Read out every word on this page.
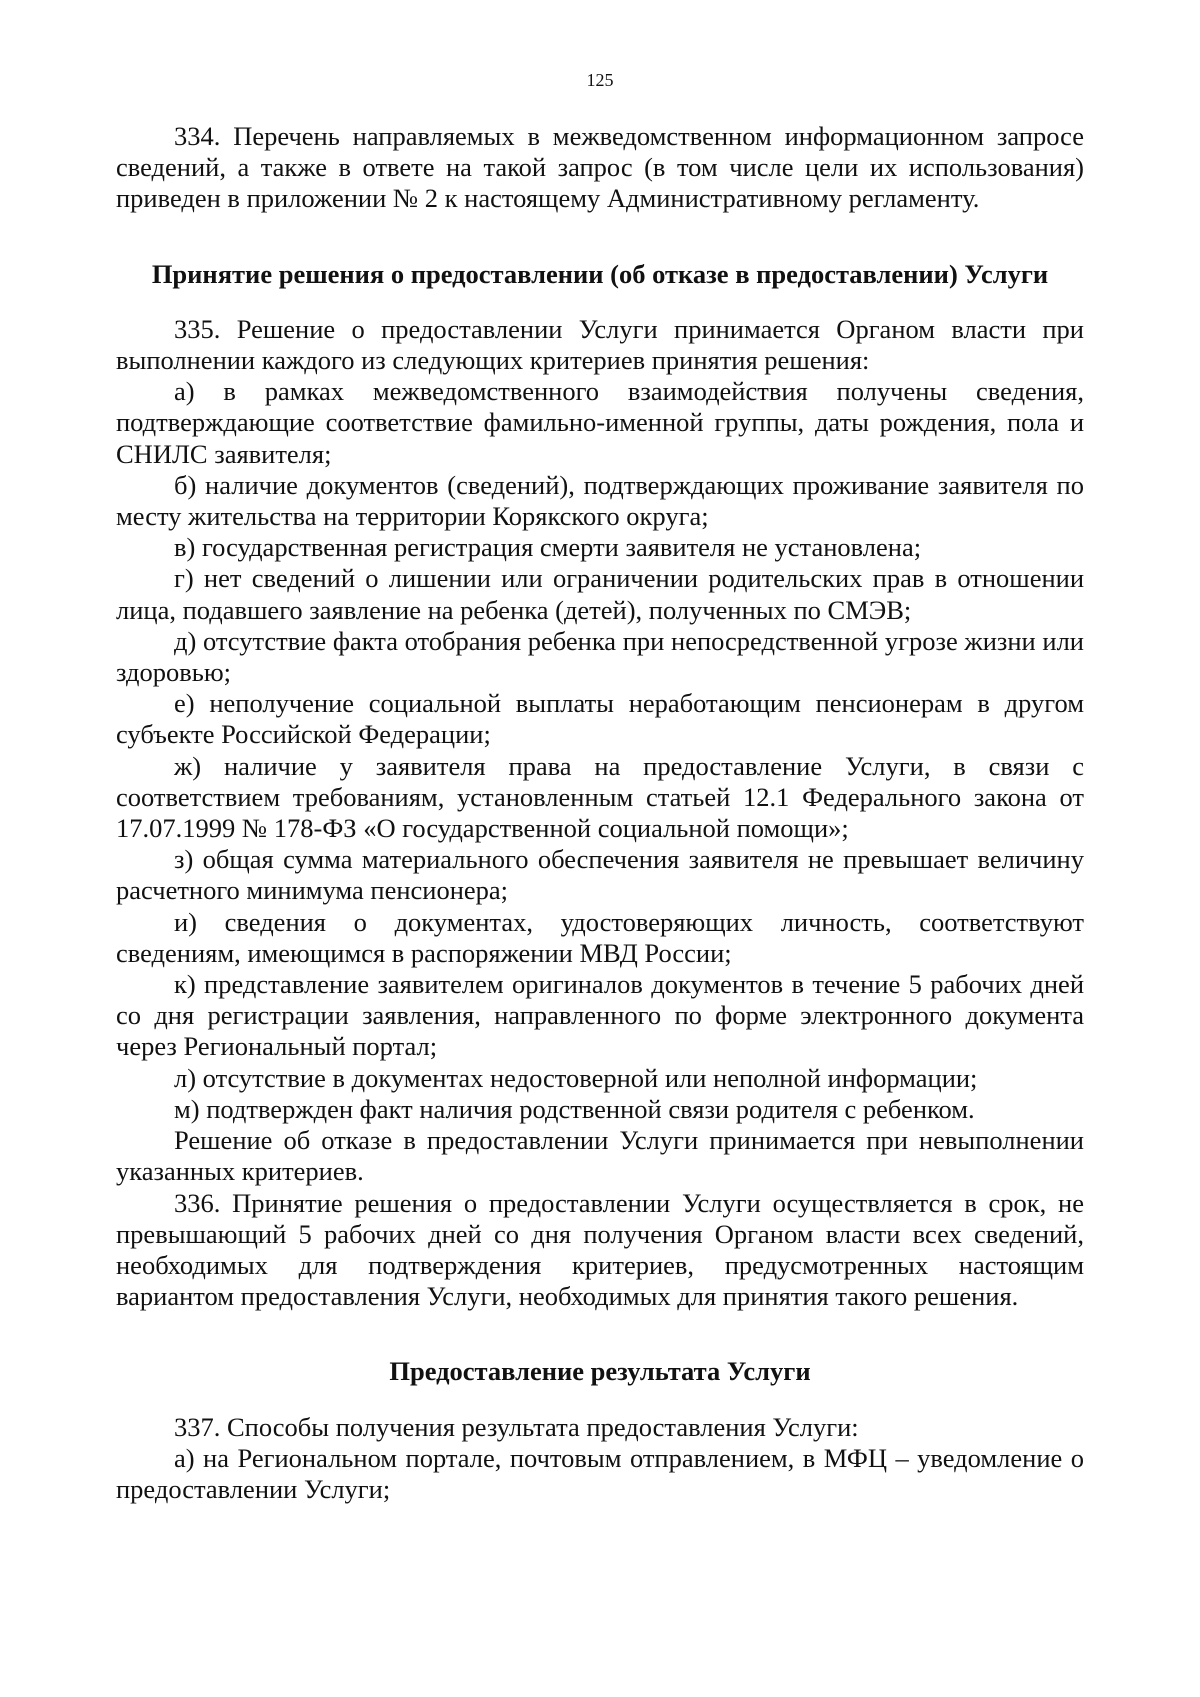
125

334. Перечень направляемых в межведомственном информационном запросе сведений, а также в ответе на такой запрос (в том числе цели их использования) приведен в приложении № 2 к настоящему Административному регламенту.

Принятие решения о предоставлении (об отказе в предоставлении) Услуги

335. Решение о предоставлении Услуги принимается Органом власти при выполнении каждого из следующих критериев принятия решения:

а) в рамках межведомственного взаимодействия получены сведения, подтверждающие соответствие фамильно-именной группы, даты рождения, пола и СНИЛС заявителя;

б) наличие документов (сведений), подтверждающих проживание заявителя по месту жительства на территории Корякского округа;

в) государственная регистрация смерти заявителя не установлена;

г) нет сведений о лишении или ограничении родительских прав в отношении лица, подавшего заявление на ребенка (детей), полученных по СМЭВ;

д) отсутствие факта отобрания ребенка при непосредственной угрозе жизни или здоровью;

е) неполучение социальной выплаты неработающим пенсионерам в другом субъекте Российской Федерации;

ж) наличие у заявителя права на предоставление Услуги, в связи с соответствием требованиям, установленным статьей 12.1 Федерального закона от 17.07.1999 № 178-ФЗ «О государственной социальной помощи»;

з) общая сумма материального обеспечения заявителя не превышает величину расчетного минимума пенсионера;

и) сведения о документах, удостоверяющих личность, соответствуют сведениям, имеющимся в распоряжении МВД России;

к) представление заявителем оригиналов документов в течение 5 рабочих дней со дня регистрации заявления, направленного по форме электронного документа через Региональный портал;

л) отсутствие в документах недостоверной или неполной информации;

м) подтвержден факт наличия родственной связи родителя с ребенком.

Решение об отказе в предоставлении Услуги принимается при невыполнении указанных критериев.

336. Принятие решения о предоставлении Услуги осуществляется в срок, не превышающий 5 рабочих дней со дня получения Органом власти всех сведений, необходимых для подтверждения критериев, предусмотренных настоящим вариантом предоставления Услуги, необходимых для принятия такого решения.

Предоставление результата Услуги

337. Способы получения результата предоставления Услуги:

а) на Региональном портале, почтовым отправлением, в МФЦ – уведомление о предоставлении Услуги;
